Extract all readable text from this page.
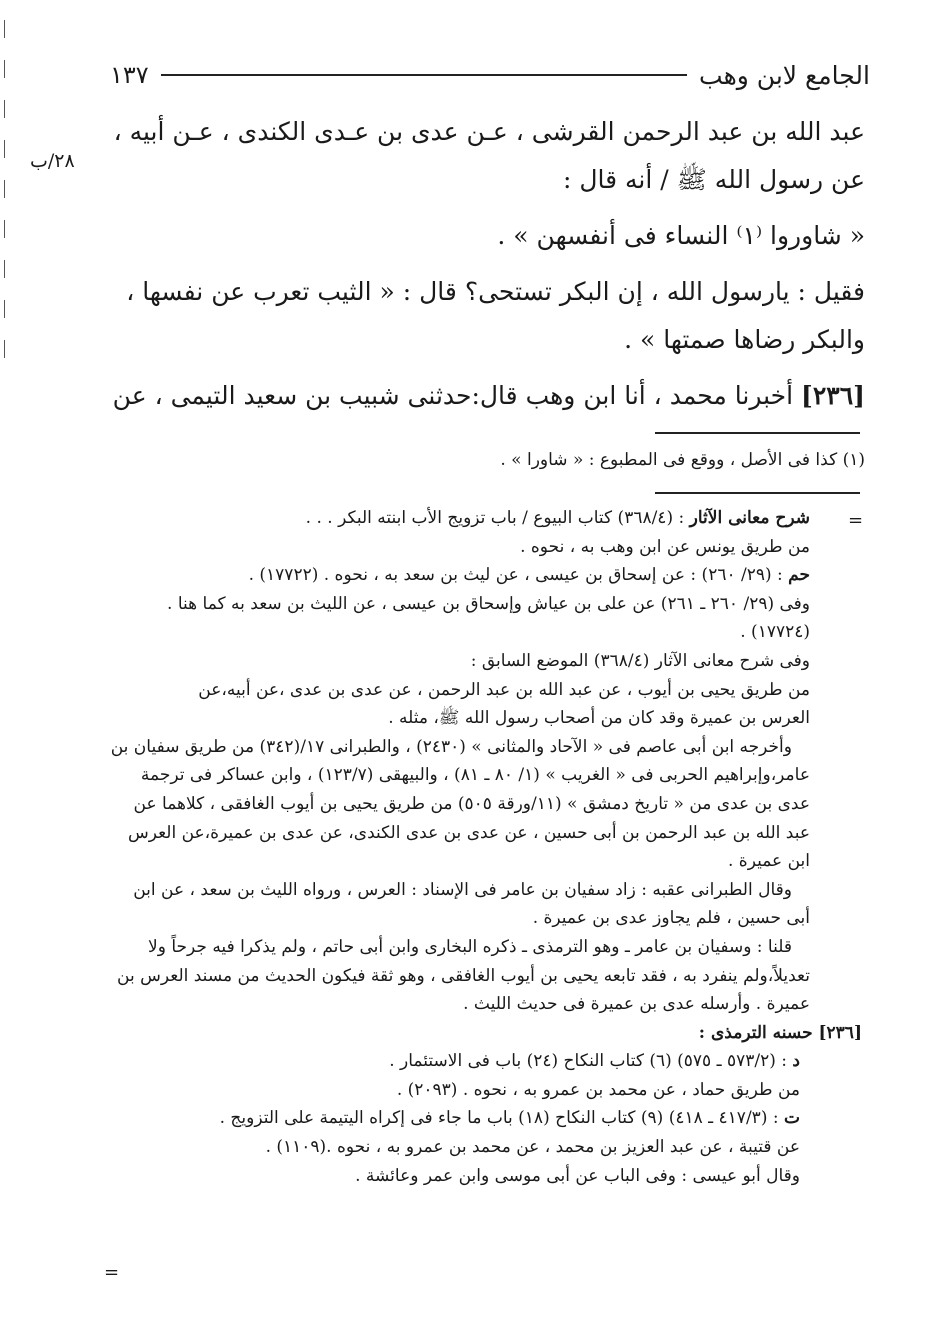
الجامع لابن وهب
١٣٧
٢٨/ب

عبد الله بن عبد الرحمن القرشى ، عـن عدى بن عـدى الكندى ، عـن أبيه ،

عن رسول الله ﷺ / أنه قال :

« شاوروا ⁽١⁾ النساء فى أنفسهن » .

فقيل : يارسول الله ، إن البكر تستحى؟ قال : « الثيب تعرب عن نفسها ،

والبكر رضاها صمتها » .

[٢٣٦] أخبرنا محمد ، أنا ابن وهب قال:حدثنى شبيب بن سعيد التيمى ، عن

(١) كذا فى الأصل ، ووقع فى المطبوع : « شاورا » .
=
=

شرح معانى الآثار : (٣٦٨/٤) كتاب البيوع / باب تزويج الأب ابنته البكر . . .

من طريق يونس عن ابن وهب به ، نحوه .

حم : (٢٩/ ٢٦٠) : عن إسحاق بن عيسى ، عن ليث بن سعد به ، نحوه . (١٧٧٢٢) .

وفى (٢٩/ ٢٦٠ ـ ٢٦١) عن على بن عياش وإسحاق بن عيسى ، عن الليث بن سعد به كما هنا .

(١٧٧٢٤) .

وفى شرح معانى الآثار (٣٦٨/٤) الموضع السابق :

من طريق يحيى بن أيوب ، عن عبد الله بن عبد الرحمن ، عن عدى بن عدى ،عن أبيه،عن

العرس بن عميرة وقد كان من أصحاب رسول الله ﷺ، مثله .

وأخرجه ابن أبى عاصم فى « الآحاد والمثانى » (٢٤٣٠) ، والطبرانى ١٧/(٣٤٢) من طريق سفيان بن

عامر،وإبراهيم الحربى فى « الغريب » (١/ ٨٠ ـ ٨١) ، والبيهقى (١٢٣/٧) ، وابن عساكر فى ترجمة

عدى بن عدى من « تاريخ دمشق » (١١/ورقة ٥٠٥) من طريق يحيى بن أيوب الغافقى ، كلاهما عن

عبد الله بن عبد الرحمن بن أبى حسين ، عن عدى بن عدى الكندى، عن عدى بن عميرة،عن العرس

ابن عميرة .

وقال الطبرانى عقبه : زاد سفيان بن عامر فى الإسناد : العرس ، ورواه الليث بن سعد ، عن ابن

أبى حسين ، فلم يجاوز عدى بن عميرة .

قلنا : وسفيان بن عامر ـ وهو الترمذى ـ ذكره البخارى وابن أبى حاتم ، ولم يذكرا فيه جرحاً ولا

تعديلاً،ولم ينفرد به ، فقد تابعه يحيى بن أيوب الغافقى ، وهو ثقة فيكون الحديث من مسند العرس بن

عميرة . وأرسله عدى بن عميرة فى حديث الليث .

[٢٣٦] حسنه الترمذى :

د : (٥٧٣/٢ ـ ٥٧٥) (٦) كتاب النكاح (٢٤) باب فى الاستئمار .

من طريق حماد ، عن محمد بن عمرو به ، نحوه . (٢٠٩٣) .

ت : (٤١٧/٣ ـ ٤١٨) (٩) كتاب النكاح (١٨) باب ما جاء فى إكراه اليتيمة على التزويج .

عن قتيبة ، عن عبد العزيز بن محمد ، عن محمد بن عمرو به ، نحوه .(١١٠٩) .

وقال أبو عيسى : وفى الباب عن أبى موسى وابن عمر وعائشة .
